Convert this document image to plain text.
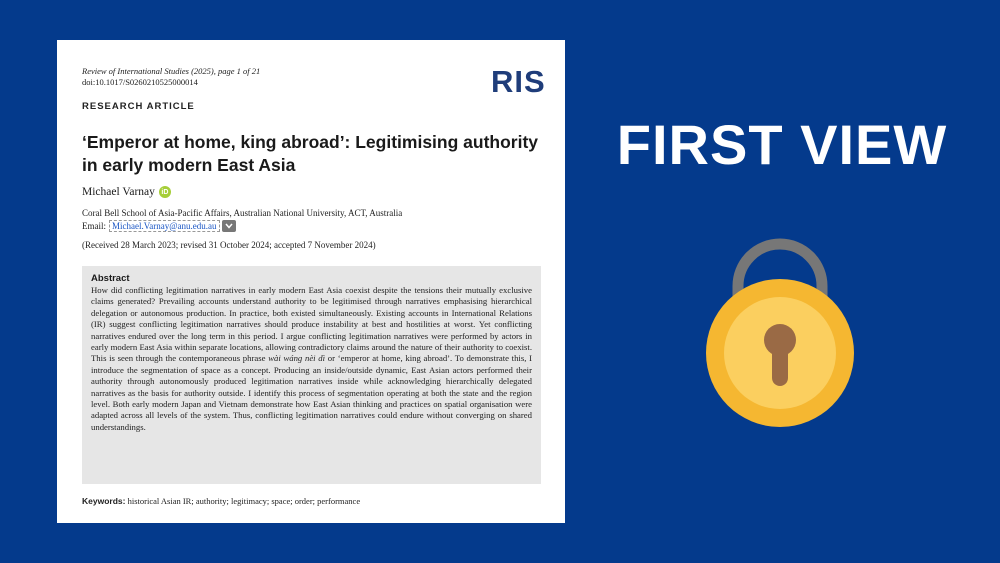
Review of International Studies (2025), page 1 of 21
doi:10.1017/S0260210525000014	RIS
RESEARCH ARTICLE
‘Emperor at home, king abroad’: Legitimising authority in early modern East Asia
Michael Varnay iD
Coral Bell School of Asia-Pacific Affairs, Australian National University, ACT, Australia
Email: Michael.Varnay@anu.edu.au
(Received 28 March 2023; revised 31 October 2024; accepted 7 November 2024)
Abstract

How did conflicting legitimation narratives in early modern East Asia coexist despite the tensions their mutually exclusive claims generated? Prevailing accounts understand authority to be legitimised through narratives emphasising hierarchical delegation or autonomous production. In practice, both existed simultaneously. Existing accounts in International Relations (IR) suggest conflicting legitimation narratives should produce instability at best and hostilities at worst. Yet conflicting narratives endured over the long term in this period. I argue conflicting legitimation narratives were performed by actors in early modern East Asia within separate locations, allowing contradictory claims around the nature of their authority to coexist. This is seen through the contemporaneous phrase wài wáng nèi dì or ‘emperor at home, king abroad’. To demonstrate this, I introduce the segmentation of space as a concept. Producing an inside/outside dynamic, East Asian actors performed their authority through autonomously produced legitimation narratives inside while acknowledging hierarchically delegated narratives as the basis for authority outside. I identify this process of segmentation operating at both the state and the region level. Both early modern Japan and Vietnam demonstrate how East Asian thinking and practices on spatial organisation were adapted across all levels of the system. Thus, conflicting legitimation narratives could endure without converging on shared understandings.

Keywords: historical Asian IR; authority; legitimacy; space; order; performance
FIRST VIEW
